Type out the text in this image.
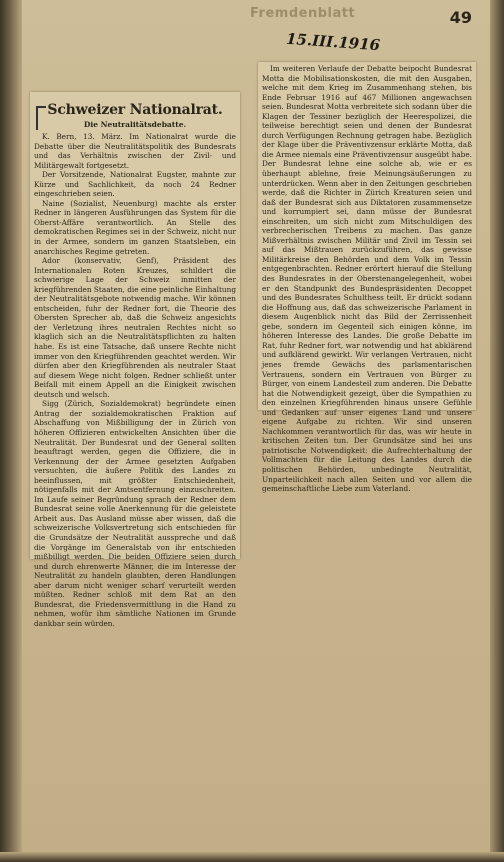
Fremdenblatt	49
15.III.1916
Schweizer Nationalrat.
Die Neutralitätsdebatte.

K. Bern, 13. März. Im Nationalrat wurde die Debatte über die Neutralitätspolitik des Bundesrats und das Verhältnis zwischen der Zivil- und Militärgewalt fortgesetzt.

Der Vorsitzende, Nationalrat Eugster, mahnte zur Kürze und Sachlichkeit, da noch 24 Redner eingeschrieben seien.

Naine (Sozialist, Neuenburg) machte als erster Redner in längeren Ausführungen das System für die Oberst-Affäre verantwortlich. An Stelle des demokratischen Regimes sei in der Schweiz, nicht nur in der Armee, sondern im ganzen Staatsleben, ein anarchisches Regime getreten.

Ador (konservativ, Genf), Präsident des Internationalen Roten Kreuzes, schildert die schwierige Lage der Schweiz inmitten der kriegführenden Staaten, die eine peinliche Einhaltung der Neutralitätsgebote notwendig mache. Wir können entscheiden, fuhr der Redner fort, die Theorie des Obersten Sprecher ab, daß die Schweiz angesichts der Verletzung ihres neutralen Rechtes nicht so klaglich sich an die Neutralitätspflichten zu halten habe. Es ist eine Tatsache, daß unsere Rechte nicht immer von den Kriegführenden geachtet werden. Wir dürfen aber den Kriegführenden als neutraler Staat auf diesem Wege nicht folgen. Redner schließt unter Beifall mit einem Appell an die Einigkeit zwischen deutsch und welsch.

Sigg (Zürich, Sozialdemokrat) begründete einen Antrag der sozialdemokratischen Fraktion auf Abschaffung von Mißbilligung der in Zürich von höheren Offizieren entwickelten Ansichten über die Neutralität. Der Bundesrat und der General sollten beauftragt werden, gegen die Offiziere, die in Verkennung der der Armee gesetzten Aufgaben versuchten, die äußere Politik des Landes zu beeinflussen, mit größter Entschiedenheit, nötigenfalls mit der Amtsentfernung einzuschreiten. Im Laufe seiner Begründung sprach der Redner dem Bundesrat seine volle Anerkennung für die geleistete Arbeit aus. Das Ausland müsse aber wissen, daß die schweizerische Volksvertretung sich entschieden für die Grundsätze der Neutralität ausspreche und daß die Vorgänge im Generalstab von ihr entschieden mißbilligt werden. Die beiden Offiziere seien durch und durch ehrenwerte Männer, die im Interesse der Neutralität zu handeln glaubten, deren Handlungen aber darum nicht weniger scharf verurteilt werden müßten. Redner schloß mit dem Rat an den Bundesrat, die Friedensvermittlung in die Hand zu nehmen, wofür ihm sämtliche Nationen im Grunde dankbar sein würden.

Im weiteren Verlaufe der Debatte beipocht Bundesrat Motta die Mobilisationskosten, die mit den Ausgaben, welche mit dem Krieg im Zusammenhang stehen, bis Ende Februar 1916 auf 467 Millionen angewachsen seien. Bundesrat Motta verbreitete sich sodann über die Klagen der Tessiner bezüglich der Heerespolizei, die teilweise berechtigt seien und denen der Bundesrat durch Verfügungen Rechnung getragen habe. Bezüglich der Klage über die Präventivzensur erklärte Motta, daß die Armee niemals eine Präventivzensur ausgeübt habe. Der Bundesrat lehne eine solche ab, wie er es überhaupt ablehne, freie Meinungsäußerungen zu unterdrücken. Wenn aber in den Zeitungen geschrieben werde, daß die Richter in Zürich Kreaturen seien und daß der Bundesrat sich aus Diktatoren zusammensetze und korrumpiert sei, dann müsse der Bundesrat einschreiten, um sich nicht zum Mitschuldigen des verbrecherischen Treibens zu machen. Das ganze Mißverhältnis zwischen Militär und Zivil im Tessin sei auf das Mißtrauen zurückzuführen, das gewisse Militärkreise den Behörden und dem Volk im Tessin entgegenbrachten. Redner erörtert hierauf die Stellung des Bundesrates in der Oberstenangelegenheit, wobei er den Standpunkt des Bundespräsidenten Decoppet und des Bundesrates Schulthess teilt. Er drückt sodann die Hoffnung aus, daß das schweizerische Parlament in diesem Augenblick nicht das Bild der Zerrissenheit gebe, sondern im Gegenteil sich einigen könne, im höheren Interesse des Landes. Die große Debatte im Rat, fuhr Redner fort, war notwendig und hat abklärend und aufklärend gewirkt. Wir verlangen Vertrauen, nicht jenes fremde Gewächs des parlamentarischen Vertrauens, sondern ein Vertrauen von Bürger zu Bürger, von einem Landesteil zum anderen. Die Debatte hat die Notwendigkeit gezeigt, über die Sympathien zu den einzelnen Kriegführenden hinaus unsere Gefühle und Gedanken auf unser eigenes Land und unsere eigene Aufgabe zu richten. Wir sind unseren Nachkommen verantwortlich für das, was wir heute in kritischen Zeiten tun. Der Grundsätze sind bei uns patriotische Notwendigkeit: die Aufrechterhaltung der Vollmachten für die Leitung des Landes durch die politischen Behörden, unbedingte Neutralität, Unparteilichkeit nach allen Seiten und vor allem die gemeinschaftliche Liebe zum Vaterland.
